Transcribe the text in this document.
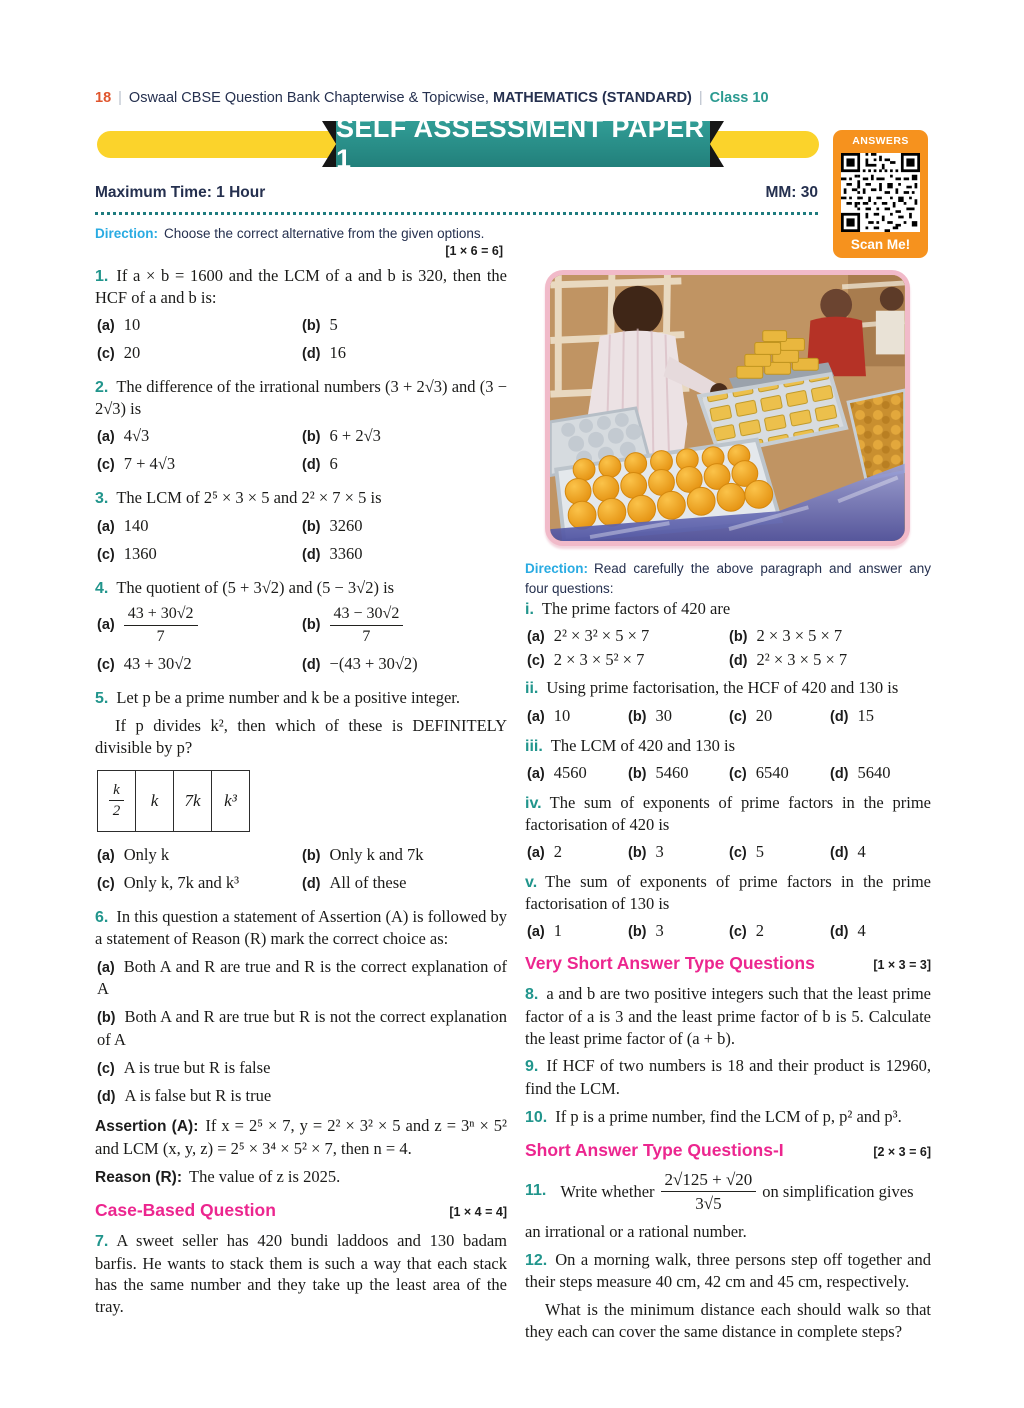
18 | Oswaal CBSE Question Bank Chapterwise & Topicwise, MATHEMATICS (STANDARD) | Class 10
SELF ASSESSMENT PAPER 1
ANSWERS
Scan Me!
Maximum Time: 1 Hour	MM: 30
Direction: Choose the correct alternative from the given options.
[1 × 6 = 6]
1. If a × b = 1600 and the LCM of a and b is 320, then the HCF of a and b is:
(a) 10	(b) 5
(c) 20	(d) 16
2. The difference of the irrational numbers (3 + 2√3) and (3 − 2√3) is
(a) 4√3	(b) 6 + 2√3
(c) 7 + 4√3	(d) 6
3. The LCM of 2⁵ × 3 × 5 and 2² × 7 × 5 is
(a) 140	(b) 3260
(c) 1360	(d) 3360
4. The quotient of (5 + 3√2) and (5 − 3√2) is
$(a) \frac{43 + 30√2}{7}$	$(b) \frac{43 - 30√2}{7}$
(c) 43 + 30√2	(d) −(43 + 30√2)
5. Let p be a prime number and k be a positive integer.
If p divides k², then which of these is DEFINITELY divisible by p?
$\frac{k}{2}$	k	7k	k³
(a) Only k	(b) Only k and 7k
(c) Only k, 7k and k³	(d) All of these
6. In this question a statement of Assertion (A) is followed by a statement of Reason (R) mark the correct choice as:
(a) Both A and R are true and R is the correct explanation of A
(b) Both A and R are true but R is not the correct explanation of A
(c) A is true but R is false
(d) A is false but R is true
Assertion (A): If x = 2⁵ × 7, y = 2² × 3² × 5 and z = 3ⁿ × 5² and LCM (x, y, z) = 2⁵ × 3⁴ × 5² × 7, then n = 4.
Reason (R): The value of z is 2025.
Case-Based Question	[1 × 4 = 4]
7. A sweet seller has 420 bundi laddoos and 130 badam barfis. He wants to stack them is such a way that each stack has the same number and they take up the least area of the tray.
Direction: Read carefully the above paragraph and answer any four questions:
i. The prime factors of 420 are
(a) 2² × 3² × 5 × 7	(b) 2 × 3 × 5 × 7
(c) 2 × 3 × 5² × 7	(d) 2² × 3 × 5 × 7
ii. Using prime factorisation, the HCF of 420 and 130 is
(a) 10	(b) 30	(c) 20	(d) 15
iii. The LCM of 420 and 130 is
(a) 4560	(b) 5460	(c) 6540	(d) 5640
iv. The sum of exponents of prime factors in the prime factorisation of 420 is
(a) 2	(b) 3	(c) 5	(d) 4
v. The sum of exponents of prime factors in the prime factorisation of 130 is
(a) 1	(b) 3	(c) 2	(d) 4
Very Short Answer Type Questions	[1 × 3 = 3]
8. a and b are two positive integers such that the least prime factor of a is 3 and the least prime factor of b is 5. Calculate the least prime factor of (a + b).
9. If HCF of two numbers is 18 and their product is 12960, find the LCM.
10. If p is a prime number, find the LCM of p, p² and p³.
Short Answer Type Questions-I	[2 × 3 = 6]
11. Write whether $\frac{2√125 + √20}{3√5}$ on simplification gives
an irrational or a rational number.
12. On a morning walk, three persons step off together and their steps measure 40 cm, 42 cm and 45 cm, respectively.
What is the minimum distance each should walk so that they each can cover the same distance in complete steps?
